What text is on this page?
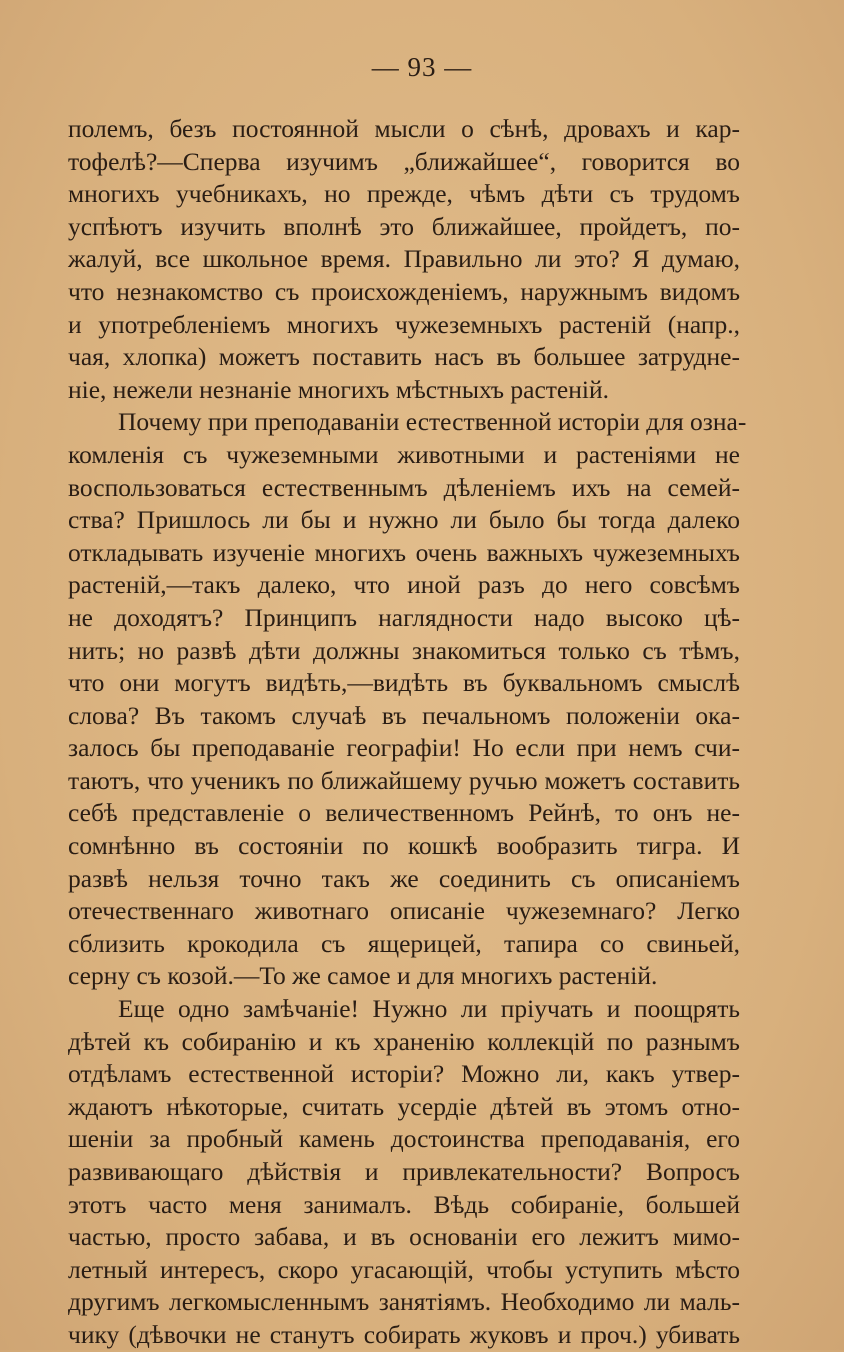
— 93 —
полемъ, безъ постоянной мысли о сѣнѣ, дровахъ и кар-
тофелѣ?—Сперва изучимъ „ближайшее“, говорится во
многихъ учебникахъ, но прежде, чѣмъ дѣти съ трудомъ
успѣютъ изучить вполнѣ это ближайшее, пройдетъ, по-
жалуй, все школьное время. Правильно ли это? Я думаю,
что незнакомство съ происхожденіемъ, наружнымъ видомъ
и употребленіемъ многихъ чужеземныхъ растеній (напр.,
чая, хлопка) можетъ поставить насъ въ большее затрудне-
ніе, нежели незнаніе многихъ мѣстныхъ растеній.
Почему при преподаваніи естественной исторіи для озна-
комленія съ чужеземными животными и растеніями не
воспользоваться естественнымъ дѣленіемъ ихъ на семей-
ства? Пришлось ли бы и нужно ли было бы тогда далеко
откладывать изученіе многихъ очень важныхъ чужеземныхъ
растеній,—такъ далеко, что иной разъ до него совсѣмъ
не доходятъ? Принципъ наглядности надо высоко цѣ-
нить; но развѣ дѣти должны знакомиться только съ тѣмъ,
что они могутъ видѣть,—видѣть въ буквальномъ смыслѣ
слова? Въ такомъ случаѣ въ печальномъ положеніи ока-
залось бы преподаваніе географіи! Но если при немъ счи-
таютъ, что ученикъ по ближайшему ручью можетъ составить
себѣ представленіе о величественномъ Рейнѣ, то онъ не-
сомнѣнно въ состояніи по кошкѣ вообразить тигра. И
развѣ нельзя точно такъ же соединить съ описаніемъ
отечественнаго животнаго описаніе чужеземнаго? Легко
сблизить крокодила съ ящерицей, тапира со свиньей,
серну съ козой.—То же самое и для многихъ растеній.
Еще одно замѣчаніе! Нужно ли пріучать и поощрять
дѣтей къ собиранію и къ храненію коллекцій по разнымъ
отдѣламъ естественной исторіи? Можно ли, какъ утвер-
ждаютъ нѣкоторые, считать усердіе дѣтей въ этомъ отно-
шеніи за пробный камень достоинства преподаванія, его
развивающаго дѣйствія и привлекательности? Вопросъ
этотъ часто меня занималъ. Вѣдь собираніе, большей
частью, просто забава, и въ основаніи его лежитъ мимо-
летный интересъ, скоро угасающій, чтобы уступить мѣсто
другимъ легкомысленнымъ занятіямъ. Необходимо ли маль-
чику (дѣвочки не станутъ собирать жуковъ и проч.) убивать
